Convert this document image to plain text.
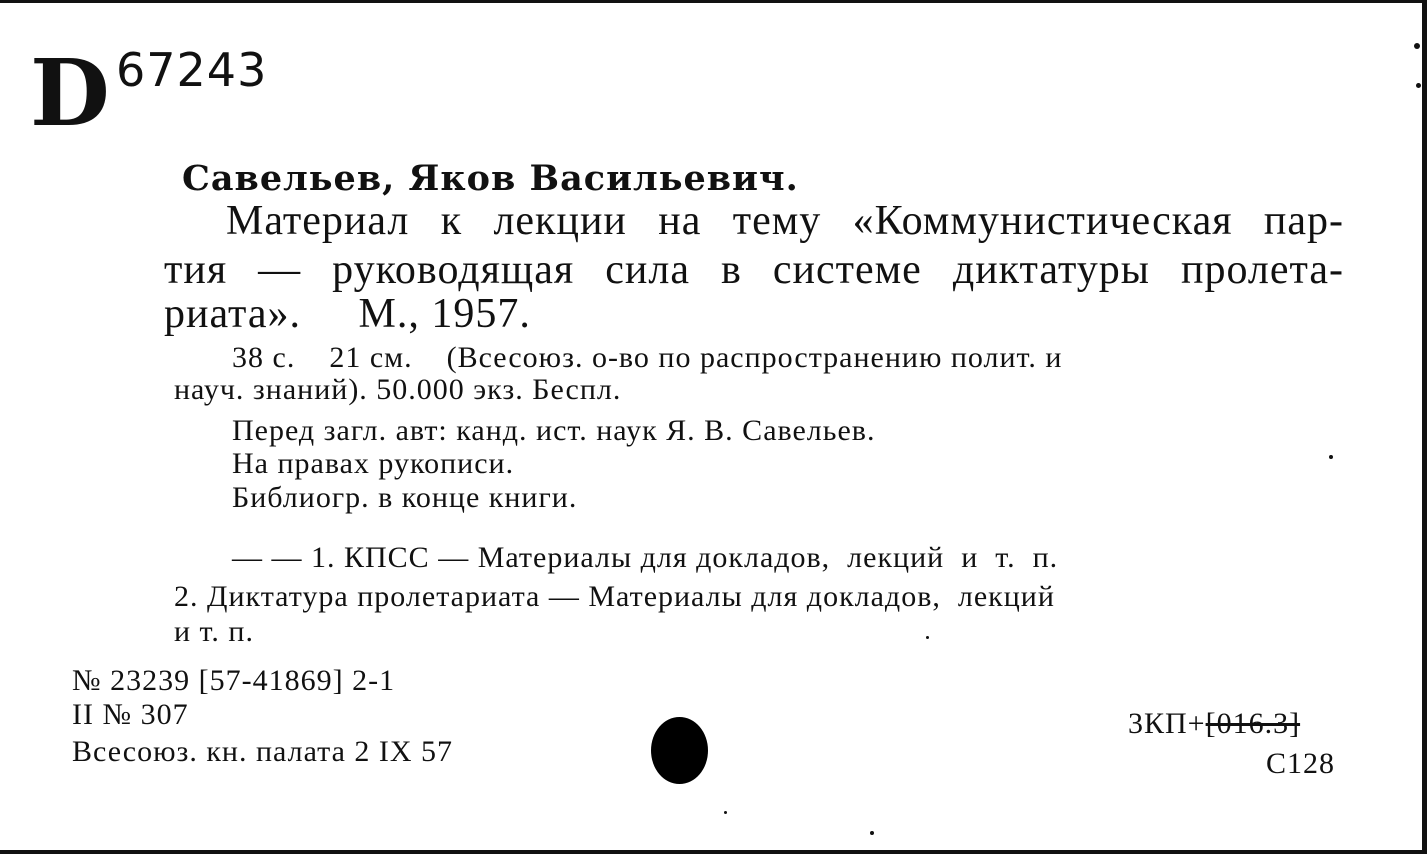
D 67243
Савельев, Яков Васильевич.
Материал к лекции на тему «Коммунистическая пар-
тия — руководящая сила в системе диктатуры пролета-
риата».     М., 1957.
38 с.    21 см.    (Всесоюз. о-во по распространению полит. и
науч. знаний). 50.000 экз. Беспл.
Перед загл. авт: канд. ист. наук Я. В. Савельев.
На правах рукописи.
Библиогр. в конце книги.
— — 1. КПСС — Материалы для докладов,  лекций  и  т.  п.
2. Диктатура пролетариата — Материалы для докладов,  лекций
и т. п.
№ 23239 [57-41869] 2-1
II № 307
Всесоюз. кн. палата 2 IX 57
3КП+[016.3]
С128
